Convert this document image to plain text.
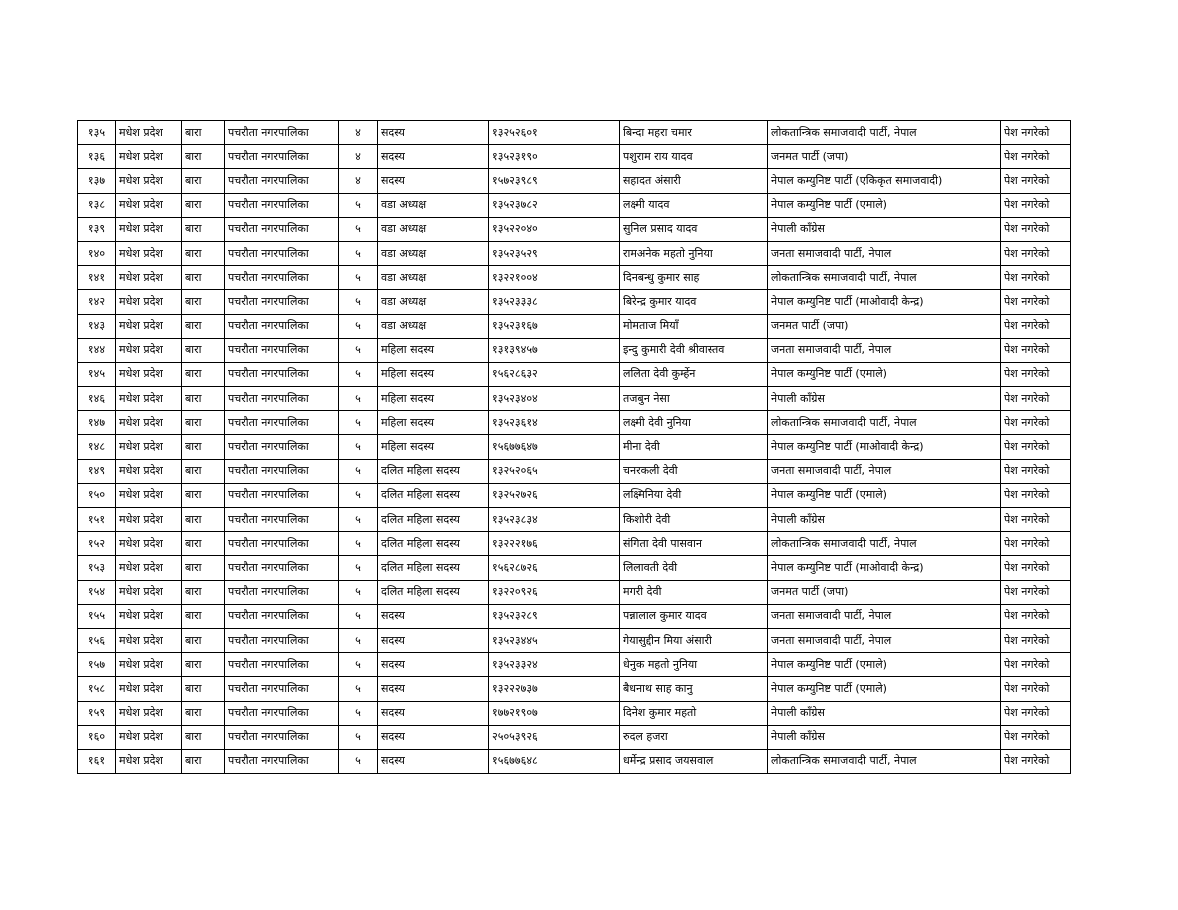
१३५	मधेश प्रदेश	बारा	पचरौता नगरपालिका	४	सदस्य	१३२५२६०१	बिन्दा महरा चमार	लोकतान्त्रिक समाजवादी पार्टी, नेपाल	पेश नगरेको
१३६	मधेश प्रदेश	बारा	पचरौता नगरपालिका	४	सदस्य	१३५२३१९०	पशुराम राय यादव	जनमत पार्टी (जपा)	पेश नगरेको
१३७	मधेश प्रदेश	बारा	पचरौता नगरपालिका	४	सदस्य	१५७२३९८९	सहादत अंसारी	नेपाल कम्युनिष्ट पार्टी (एकिकृत समाजवादी)	पेश नगरेको
१३८	मधेश प्रदेश	बारा	पचरौता नगरपालिका	५	वडा अध्यक्ष	१३५२३७८२	लक्ष्मी यादव	नेपाल कम्युनिष्ट पार्टी (एमाले)	पेश नगरेको
१३९	मधेश प्रदेश	बारा	पचरौता नगरपालिका	५	वडा अध्यक्ष	१३५२२०४०	सुनिल प्रसाद यादव	नेपाली काँग्रेस	पेश नगरेको
१४०	मधेश प्रदेश	बारा	पचरौता नगरपालिका	५	वडा अध्यक्ष	१३५२३५२९	रामअनेक महतो नुनिया	जनता समाजवादी पार्टी, नेपाल	पेश नगरेको
१४१	मधेश प्रदेश	बारा	पचरौता नगरपालिका	५	वडा अध्यक्ष	१३२२१००४	दिनबन्धु कुमार साह	लोकतान्त्रिक समाजवादी पार्टी, नेपाल	पेश नगरेको
१४२	मधेश प्रदेश	बारा	पचरौता नगरपालिका	५	वडा अध्यक्ष	१३५२३३३८	बिरेन्द्र कुमार यादव	नेपाल कम्युनिष्ट पार्टी (माओवादी केन्द्र)	पेश नगरेको
१४३	मधेश प्रदेश	बारा	पचरौता नगरपालिका	५	वडा अध्यक्ष	१३५२३१६७	मोमताज मियाँ	जनमत पार्टी (जपा)	पेश नगरेको
१४४	मधेश प्रदेश	बारा	पचरौता नगरपालिका	५	महिला सदस्य	१३१३९४५७	इन्दु कुमारी देवी श्रीवास्तव	जनता समाजवादी पार्टी, नेपाल	पेश नगरेको
१४५	मधेश प्रदेश	बारा	पचरौता नगरपालिका	५	महिला सदस्य	१५६२८६३२	ललिता देवी कुर्म्हेन	नेपाल कम्युनिष्ट पार्टी (एमाले)	पेश नगरेको
१४६	मधेश प्रदेश	बारा	पचरौता नगरपालिका	५	महिला सदस्य	१३५२३४०४	तजबुन नेसा	नेपाली काँग्रेस	पेश नगरेको
१४७	मधेश प्रदेश	बारा	पचरौता नगरपालिका	५	महिला सदस्य	१३५२३६१४	लक्ष्मी देवी नुनिया	लोकतान्त्रिक समाजवादी पार्टी, नेपाल	पेश नगरेको
१४८	मधेश प्रदेश	बारा	पचरौता नगरपालिका	५	महिला सदस्य	१५६७७६४७	मीना देवी	नेपाल कम्युनिष्ट पार्टी (माओवादी केन्द्र)	पेश नगरेको
१४९	मधेश प्रदेश	बारा	पचरौता नगरपालिका	५	दलित महिला सदस्य	१३२५२०६५	चनरकली देवी	जनता समाजवादी पार्टी, नेपाल	पेश नगरेको
१५०	मधेश प्रदेश	बारा	पचरौता नगरपालिका	५	दलित महिला सदस्य	१३२५२७२६	लक्ष्मिनिया देवी	नेपाल कम्युनिष्ट पार्टी (एमाले)	पेश नगरेको
१५१	मधेश प्रदेश	बारा	पचरौता नगरपालिका	५	दलित महिला सदस्य	१३५२३८३४	किशोरी देवी	नेपाली काँग्रेस	पेश नगरेको
१५२	मधेश प्रदेश	बारा	पचरौता नगरपालिका	५	दलित महिला सदस्य	१३२२२१७६	संगिता देवी पासवान	लोकतान्त्रिक समाजवादी पार्टी, नेपाल	पेश नगरेको
१५३	मधेश प्रदेश	बारा	पचरौता नगरपालिका	५	दलित महिला सदस्य	१५६२८७२६	लिलावती देवी	नेपाल कम्युनिष्ट पार्टी (माओवादी केन्द्र)	पेश नगरेको
१५४	मधेश प्रदेश	बारा	पचरौता नगरपालिका	५	दलित महिला सदस्य	१३२२०९२६	मगरी देवी	जनमत पार्टी (जपा)	पेश नगरेको
१५५	मधेश प्रदेश	बारा	पचरौता नगरपालिका	५	सदस्य	१३५२३२८९	पन्नालाल कुमार यादव	जनता समाजवादी पार्टी, नेपाल	पेश नगरेको
१५६	मधेश प्रदेश	बारा	पचरौता नगरपालिका	५	सदस्य	१३५२३४४५	गेयासुद्दीन मिया अंसारी	जनता समाजवादी पार्टी, नेपाल	पेश नगरेको
१५७	मधेश प्रदेश	बारा	पचरौता नगरपालिका	५	सदस्य	१३५२३३२४	धेनुक महतो नुनिया	नेपाल कम्युनिष्ट पार्टी (एमाले)	पेश नगरेको
१५८	मधेश प्रदेश	बारा	पचरौता नगरपालिका	५	सदस्य	१३२२२७३७	बैधनाथ साह कानु	नेपाल कम्युनिष्ट पार्टी (एमाले)	पेश नगरेको
१५९	मधेश प्रदेश	बारा	पचरौता नगरपालिका	५	सदस्य	१७७२१९०७	दिनेश कुमार महतो	नेपाली काँग्रेस	पेश नगरेको
१६०	मधेश प्रदेश	बारा	पचरौता नगरपालिका	५	सदस्य	२५०५३९२६	रुदल हजरा	नेपाली काँग्रेस	पेश नगरेको
१६१	मधेश प्रदेश	बारा	पचरौता नगरपालिका	५	सदस्य	१५६७७६४८	धर्मेन्द्र प्रसाद जयसवाल	लोकतान्त्रिक समाजवादी पार्टी, नेपाल	पेश नगरेको
